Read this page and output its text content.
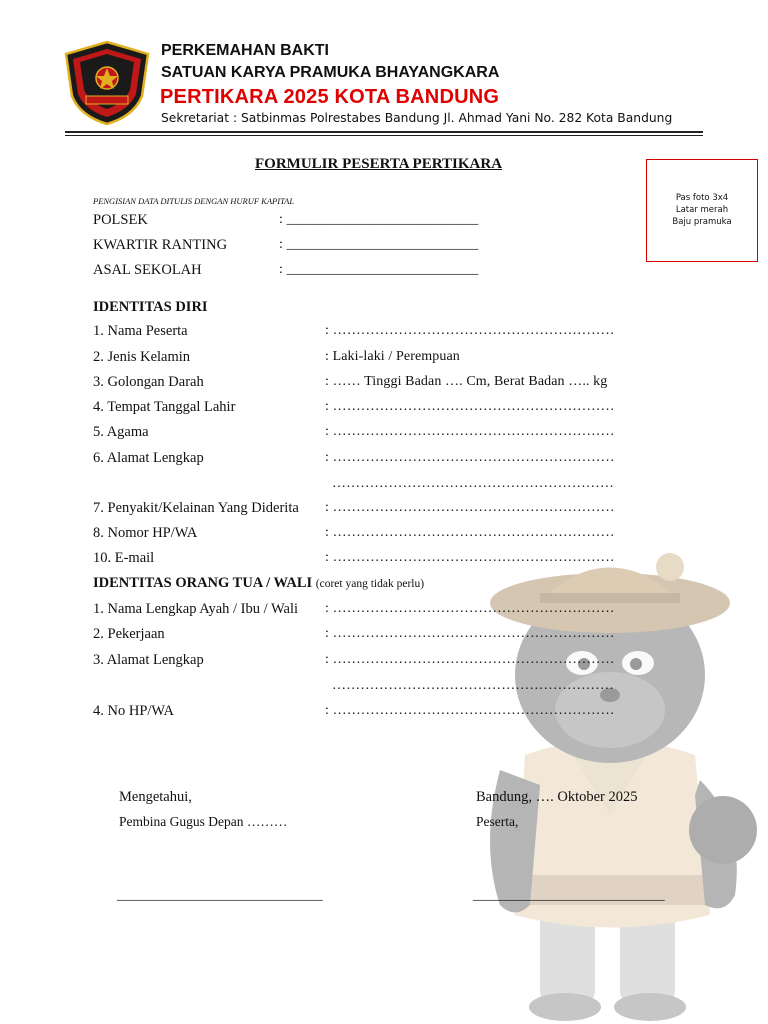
PERKEMAHAN BAKTI
SATUAN KARYA PRAMUKA BHAYANGKARA
PERTIKARA 2025 KOTA BANDUNG
Sekretariat : Satbinmas Polrestabes Bandung Jl. Ahmad Yani No. 282 Kota Bandung
FORMULIR PESERTA PERTIKARA
Pas foto 3x4
Latar merah
Baju pramuka
PENGISIAN DATA DITULIS DENGAN HURUF KAPITAL
POLSEK	: ___________________________
KWARTIR RANTING	: ___________________________
ASAL SEKOLAH	: ___________________________
IDENTITAS DIRI
1. Nama Peserta	: ……………………………………………………
2. Jenis Kelamin	: Laki-laki / Perempuan
3. Golongan Darah	: …… Tinggi Badan …. Cm, Berat Badan ….. kg
4. Tempat Tanggal Lahir	: ……………………………………………………
5. Agama	: ……………………………………………………
6. Alamat Lengkap	: ……………………………………………………
……………………………………………………
7. Penyakit/Kelainan Yang Diderita : ……………………………………………………
8. Nomor HP/WA	: ……………………………………………………
10. E-mail	: ……………………………………………………
IDENTITAS ORANG TUA / WALI (coret yang tidak perlu)
1. Nama Lengkap Ayah / Ibu / Wali : ……………………………………………………
2. Pekerjaan	: ……………………………………………………
3. Alamat Lengkap	: ……………………………………………………
……………………………………………………
4. No HP/WA	: ……………………………………………………
Mengetahui,
Pembina Gugus Depan ………
Bandung, …. Oktober 2025
Peserta,
_____________________________	___________________________
